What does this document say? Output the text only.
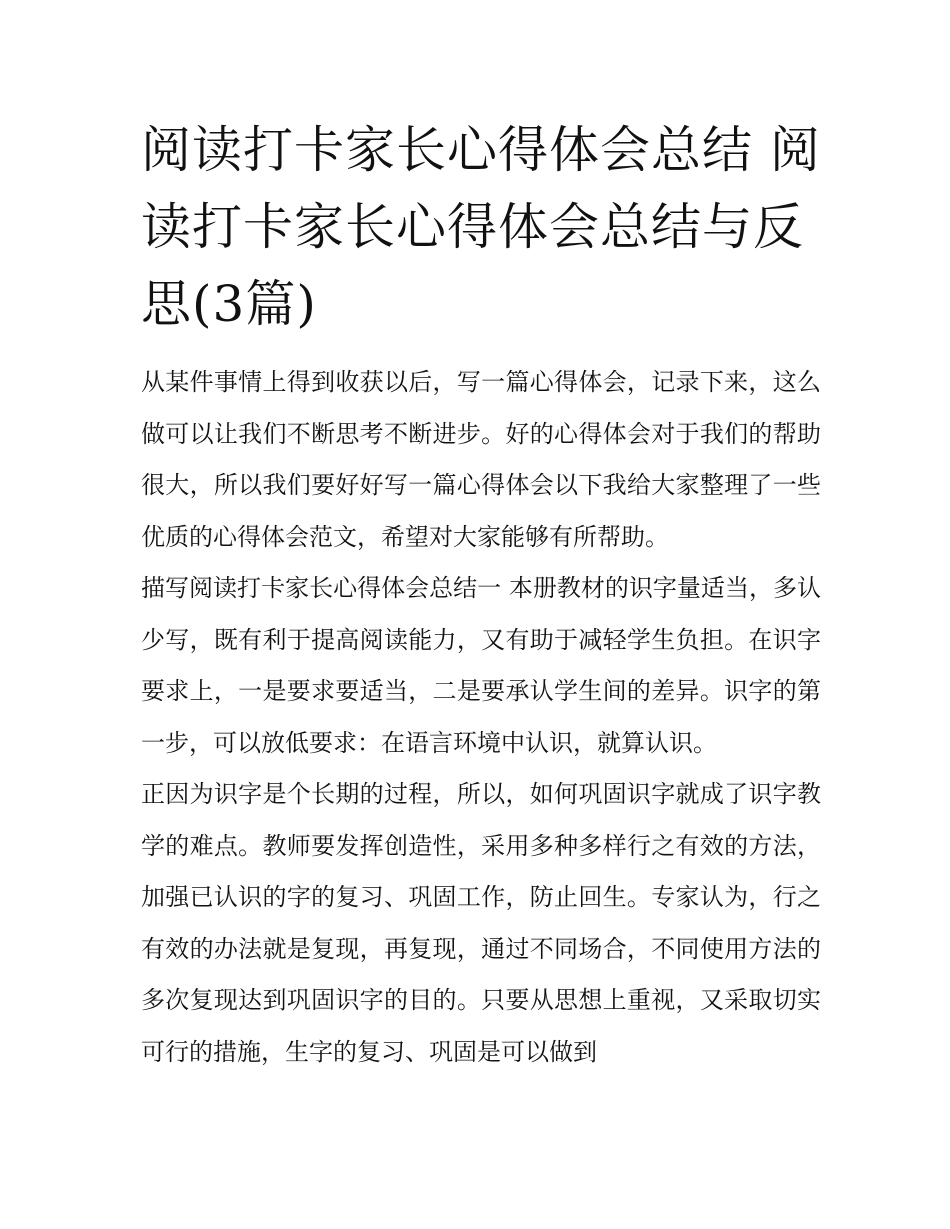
阅读打卡家长心得体会总结 阅读打卡家长心得体会总结与反思(3篇)

从某件事情上得到收获以后，写一篇心得体会，记录下来，这么做可以让我们不断思考不断进步。好的心得体会对于我们的帮助很大，所以我们要好好写一篇心得体会以下我给大家整理了一些优质的心得体会范文，希望对大家能够有所帮助。

描写阅读打卡家长心得体会总结一 本册教材的识字量适当，多认少写，既有利于提高阅读能力，又有助于减轻学生负担。在识字要求上，一是要求要适当，二是要承认学生间的差异。识字的第一步，可以放低要求：在语言环境中认识，就算认识。

正因为识字是个长期的过程，所以，如何巩固识字就成了识字教学的难点。教师要发挥创造性，采用多种多样行之有效的方法，加强已认识的字的复习、巩固工作，防止回生。专家认为，行之有效的办法就是复现，再复现，通过不同场合，不同使用方法的多次复现达到巩固识字的目的。只要从思想上重视，又采取切实可行的措施，生字的复习、巩固是可以做到
